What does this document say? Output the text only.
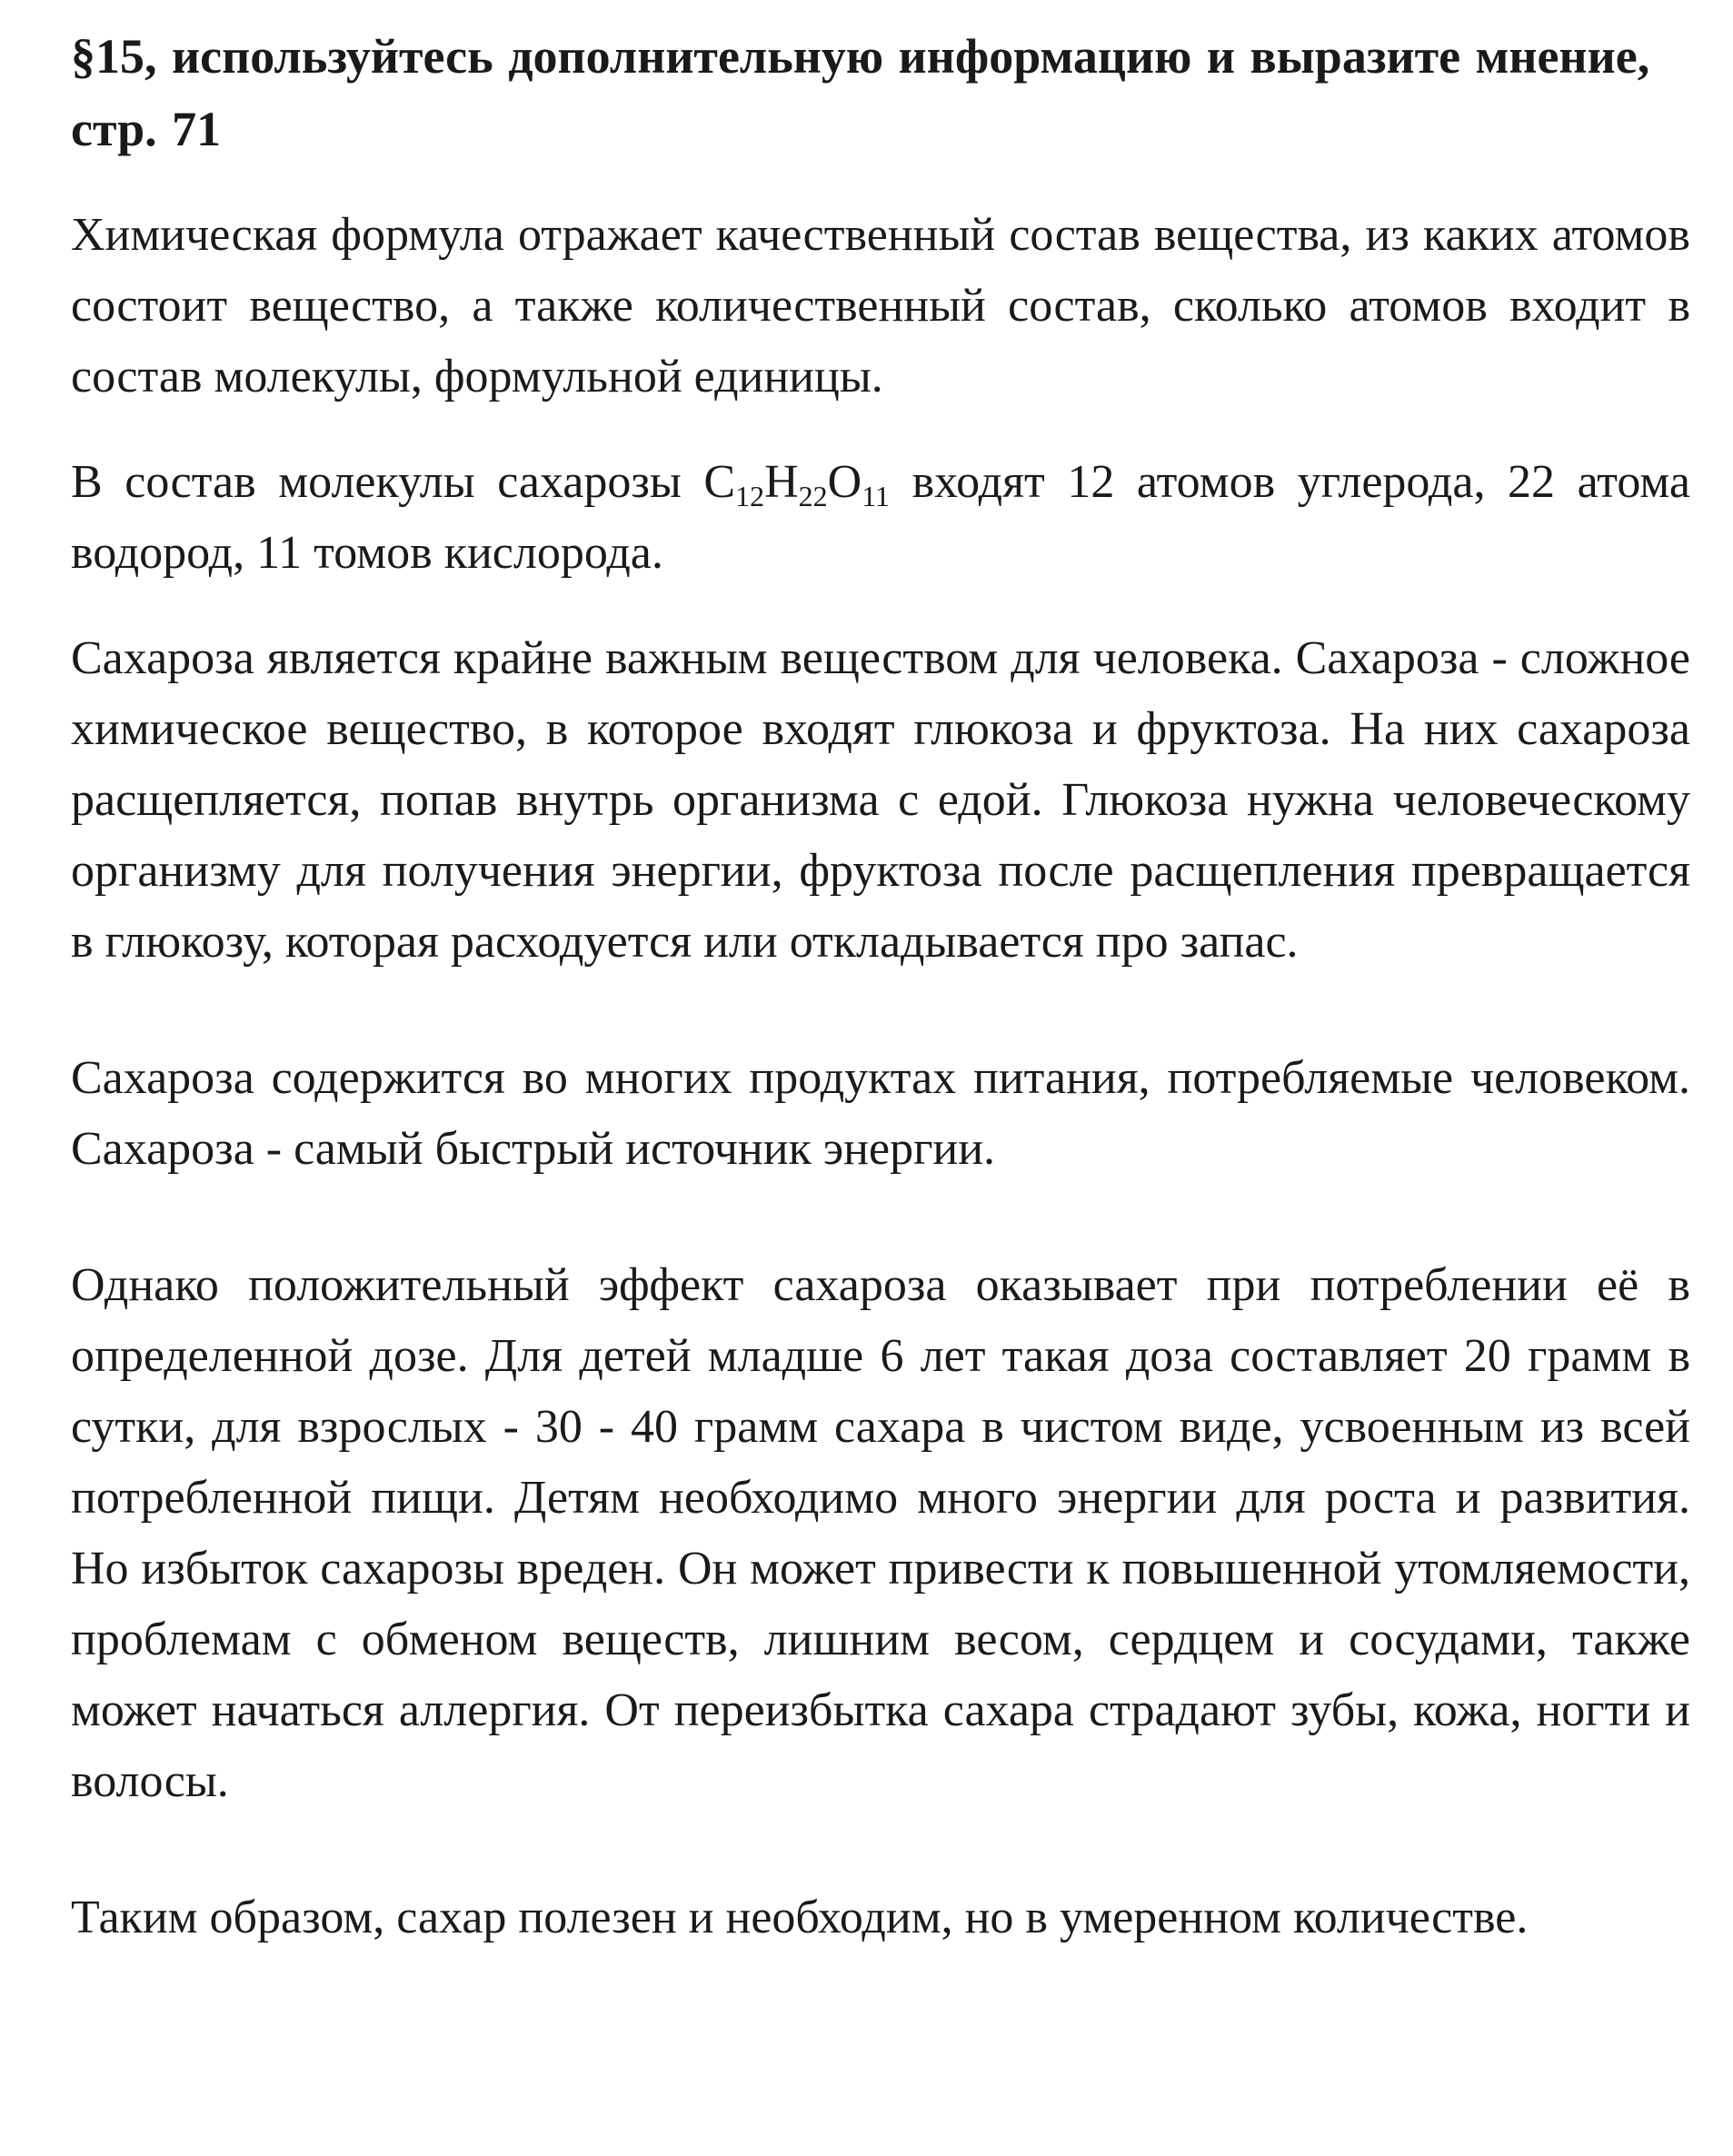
§15, используйтесь дополнительную информацию и выразите мнение, стр. 71

Химическая формула отражает качественный состав вещества, из каких атомов состоит вещество, а также количественный состав, сколько атомов входит в состав молекулы, формульной единицы.

В состав молекулы сахарозы $C_{12}H_{22}O_{11}$ входят 12 атомов углерода, 22 атома водород, 11 томов кислорода.

Сахароза является крайне важным веществом для человека. Сахароза - сложное химическое вещество, в которое входят глюкоза и фруктоза. На них сахароза расщепляется, попав внутрь организма с едой. Глюкоза нужна человеческому организму для получения энергии, фруктоза после расщепления превращается в глюкозу, которая расходуется или откладывается про запас.

Сахароза содержится во многих продуктах питания, потребляемые человеком. Сахароза - самый быстрый источник энергии.

Однако положительный эффект сахароза оказывает при потреблении её в определенной дозе. Для детей младше 6 лет такая доза составляет 20 грамм в сутки, для взрослых - 30 - 40 грамм сахара в чистом виде, усвоенным из всей потребленной пищи. Детям необходимо много энергии для роста и развития. Но избыток сахарозы вреден. Он может привести к повышенной утомляемости, проблемам с обменом веществ, лишним весом, сердцем и сосудами, также может начаться аллергия. От переизбытка сахара страдают зубы, кожа, ногти и волосы.

Таким образом, сахар полезен и необходим, но в умеренном количестве.
